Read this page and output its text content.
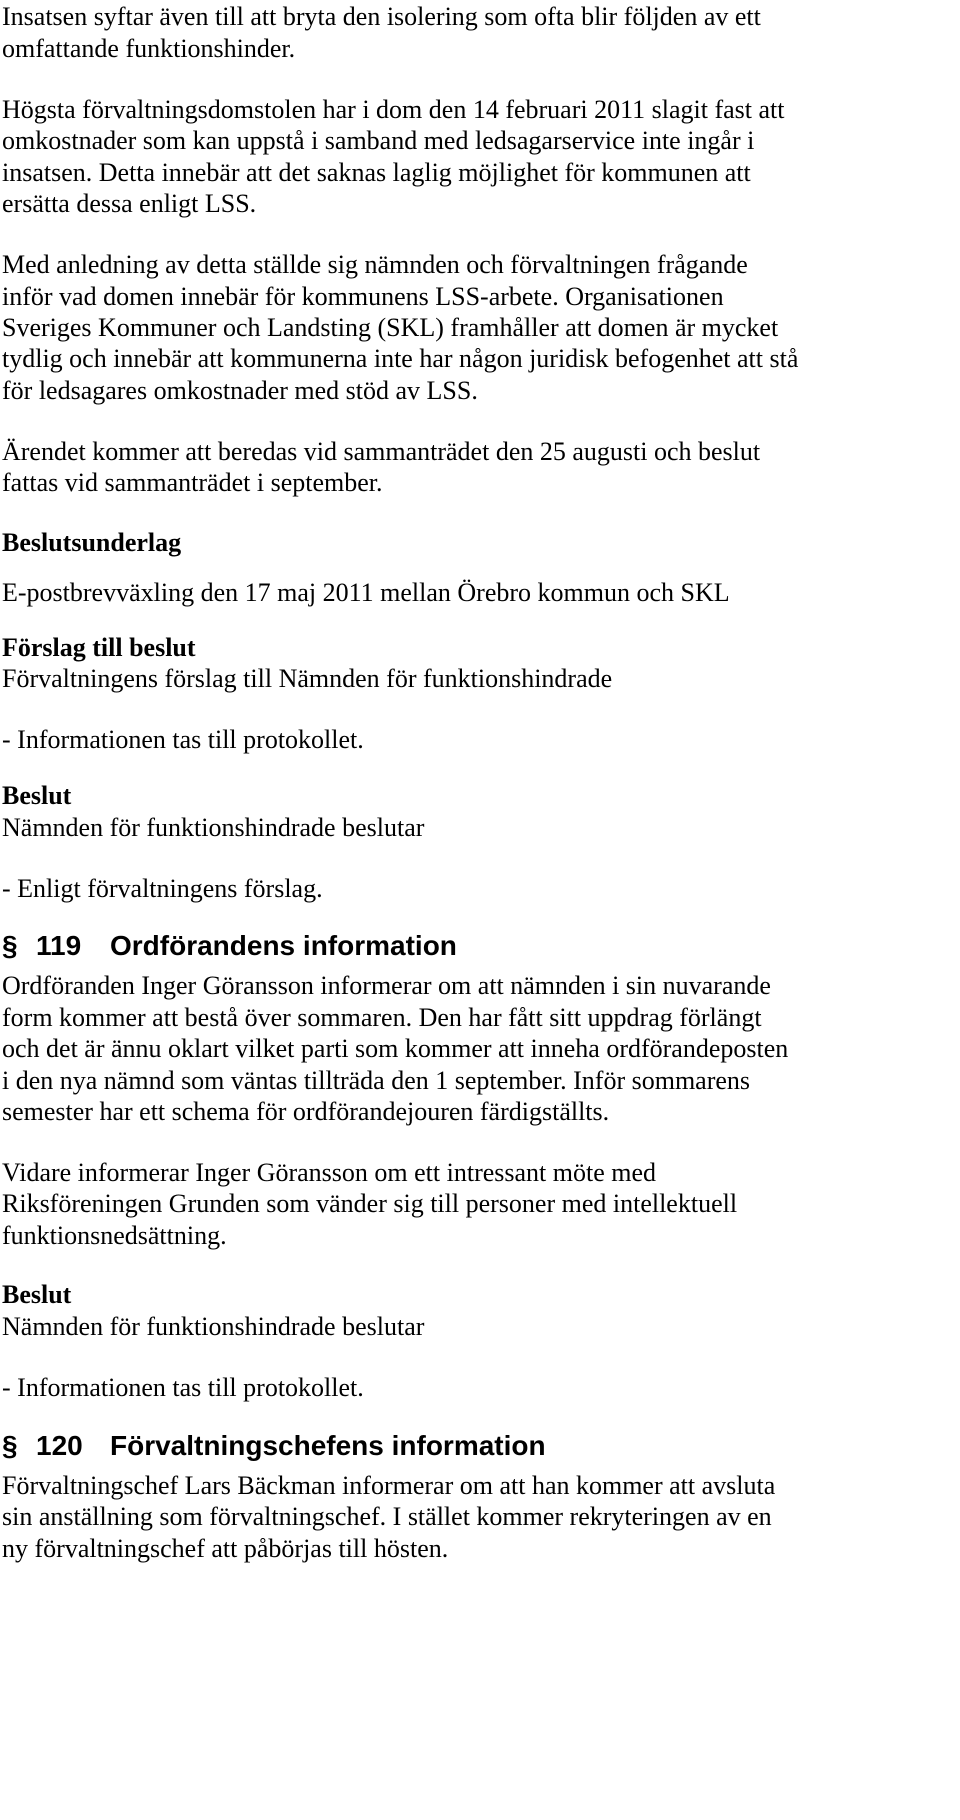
Insatsen syftar även till att bryta den isolering som ofta blir följden av ett
omfattande funktionshinder.
Högsta förvaltningsdomstolen har i dom den 14 februari 2011 slagit fast att
omkostnader som kan uppstå i samband med ledsagarservice inte ingår i
insatsen. Detta innebär att det saknas laglig möjlighet för kommunen att
ersätta dessa enligt LSS.
Med anledning av detta ställde sig nämnden och förvaltningen frågande
inför vad domen innebär för kommunens LSS-arbete. Organisationen
Sveriges Kommuner och Landsting (SKL) framhåller att domen är mycket
tydlig och innebär att kommunerna inte har någon juridisk befogenhet att stå
för ledsagares omkostnader med stöd av LSS.
Ärendet kommer att beredas vid sammanträdet den 25 augusti och beslut
fattas vid sammanträdet i september.
Beslutsunderlag
E-postbrevväxling den 17 maj 2011 mellan Örebro kommun och SKL
Förslag till beslut
Förvaltningens förslag till Nämnden för funktionshindrade
- Informationen tas till protokollet.
Beslut
Nämnden för funktionshindrade beslutar
- Enligt förvaltningens förslag.
§ 119 Ordförandens information
Ordföranden Inger Göransson informerar om att nämnden i sin nuvarande
form kommer att bestå över sommaren. Den har fått sitt uppdrag förlängt
och det är ännu oklart vilket parti som kommer att inneha ordförandeposten
i den nya nämnd som väntas tillträda den 1 september. Inför sommarens
semester har ett schema för ordförandejouren färdigställts.
Vidare informerar Inger Göransson om ett intressant möte med
Riksföreningen Grunden som vänder sig till personer med intellektuell
funktionsnedsättning.
Beslut
Nämnden för funktionshindrade beslutar
- Informationen tas till protokollet.
§ 120 Förvaltningschefens information
Förvaltningschef Lars Bäckman informerar om att han kommer att avsluta
sin anställning som förvaltningschef. I stället kommer rekryteringen av en
ny förvaltningschef att påbörjas till hösten.
